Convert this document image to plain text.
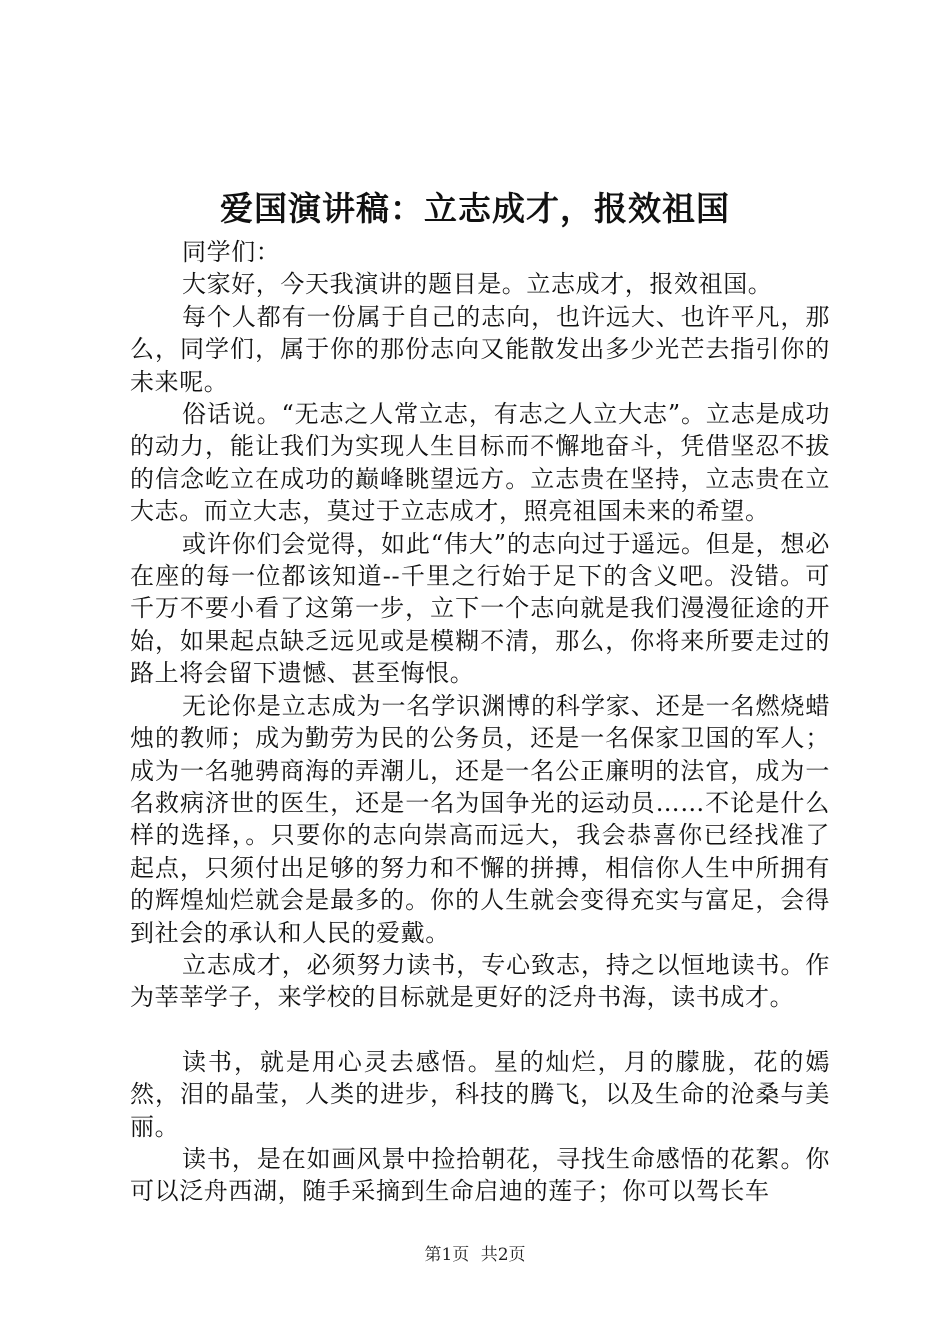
爱国演讲稿：立志成才，报效祖国

同学们：

大家好，今天我演讲的题目是。立志成才，报效祖国。

每个人都有一份属于自己的志向，也许远大、也许平凡，那么，同学们，属于你的那份志向又能散发出多少光芒去指引你的未来呢。

俗话说。“无志之人常立志，有志之人立大志”。立志是成功的动力，能让我们为实现人生目标而不懈地奋斗，凭借坚忍不拔的信念屹立在成功的巅峰眺望远方。立志贵在坚持，立志贵在立大志。而立大志，莫过于立志成才，照亮祖国未来的希望。

或许你们会觉得，如此“伟大”的志向过于遥远。但是，想必在座的每一位都该知道--千里之行始于足下的含义吧。没错。可千万不要小看了这第一步，立下一个志向就是我们漫漫征途的开始，如果起点缺乏远见或是模糊不清，那么，你将来所要走过的路上将会留下遗憾、甚至悔恨。

无论你是立志成为一名学识渊博的科学家、还是一名燃烧蜡烛的教师；成为勤劳为民的公务员，还是一名保家卫国的军人；成为一名驰骋商海的弄潮儿，还是一名公正廉明的法官，成为一名救病济世的医生，还是一名为国争光的运动员……不论是什么样的选择，。只要你的志向崇高而远大，我会恭喜你已经找准了起点，只须付出足够的努力和不懈的拼搏，相信你人生中所拥有的辉煌灿烂就会是最多的。你的人生就会变得充实与富足，会得到社会的承认和人民的爱戴。

立志成才，必须努力读书，专心致志，持之以恒地读书。作为莘莘学子，来学校的目标就是更好的泛舟书海，读书成才。

读书，就是用心灵去感悟。星的灿烂，月的朦胧，花的嫣然，泪的晶莹，人类的进步，科技的腾飞，以及生命的沧桑与美丽。

读书，是在如画风景中捡拾朝花，寻找生命感悟的花絮。你可以泛舟西湖，随手采摘到生命启迪的莲子；你可以驾长车

第1页 共2页
